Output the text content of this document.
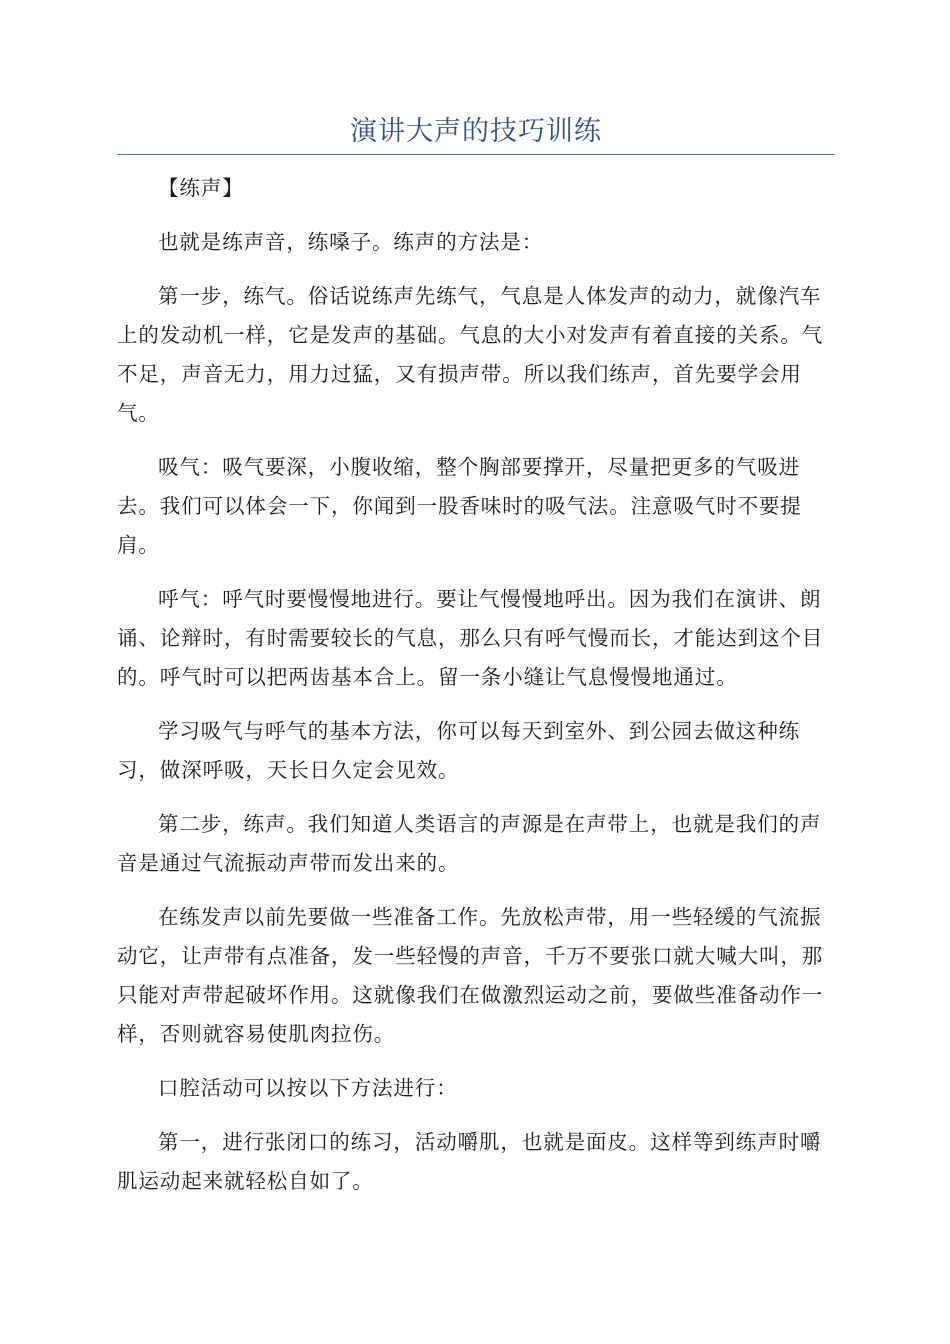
演讲大声的技巧训练

【练声】

也就是练声音，练嗓子。练声的方法是：

第一步，练气。俗话说练声先练气，气息是人体发声的动力，就像汽车上的发动机一样，它是发声的基础。气息的大小对发声有着直接的关系。气不足，声音无力，用力过猛，又有损声带。所以我们练声，首先要学会用气。

吸气：吸气要深，小腹收缩，整个胸部要撑开，尽量把更多的气吸进去。我们可以体会一下，你闻到一股香味时的吸气法。注意吸气时不要提肩。

呼气：呼气时要慢慢地进行。要让气慢慢地呼出。因为我们在演讲、朗诵、论辩时，有时需要较长的气息，那么只有呼气慢而长，才能达到这个目的。呼气时可以把两齿基本合上。留一条小缝让气息慢慢地通过。

学习吸气与呼气的基本方法，你可以每天到室外、到公园去做这种练习，做深呼吸，天长日久定会见效。

第二步，练声。我们知道人类语言的声源是在声带上，也就是我们的声音是通过气流振动声带而发出来的。

在练发声以前先要做一些准备工作。先放松声带，用一些轻缓的气流振动它，让声带有点准备，发一些轻慢的声音，千万不要张口就大喊大叫，那只能对声带起破坏作用。这就像我们在做激烈运动之前，要做些准备动作一样，否则就容易使肌肉拉伤。

口腔活动可以按以下方法进行：

第一，进行张闭口的练习，活动嚼肌，也就是面皮。这样等到练声时嚼肌运动起来就轻松自如了。
